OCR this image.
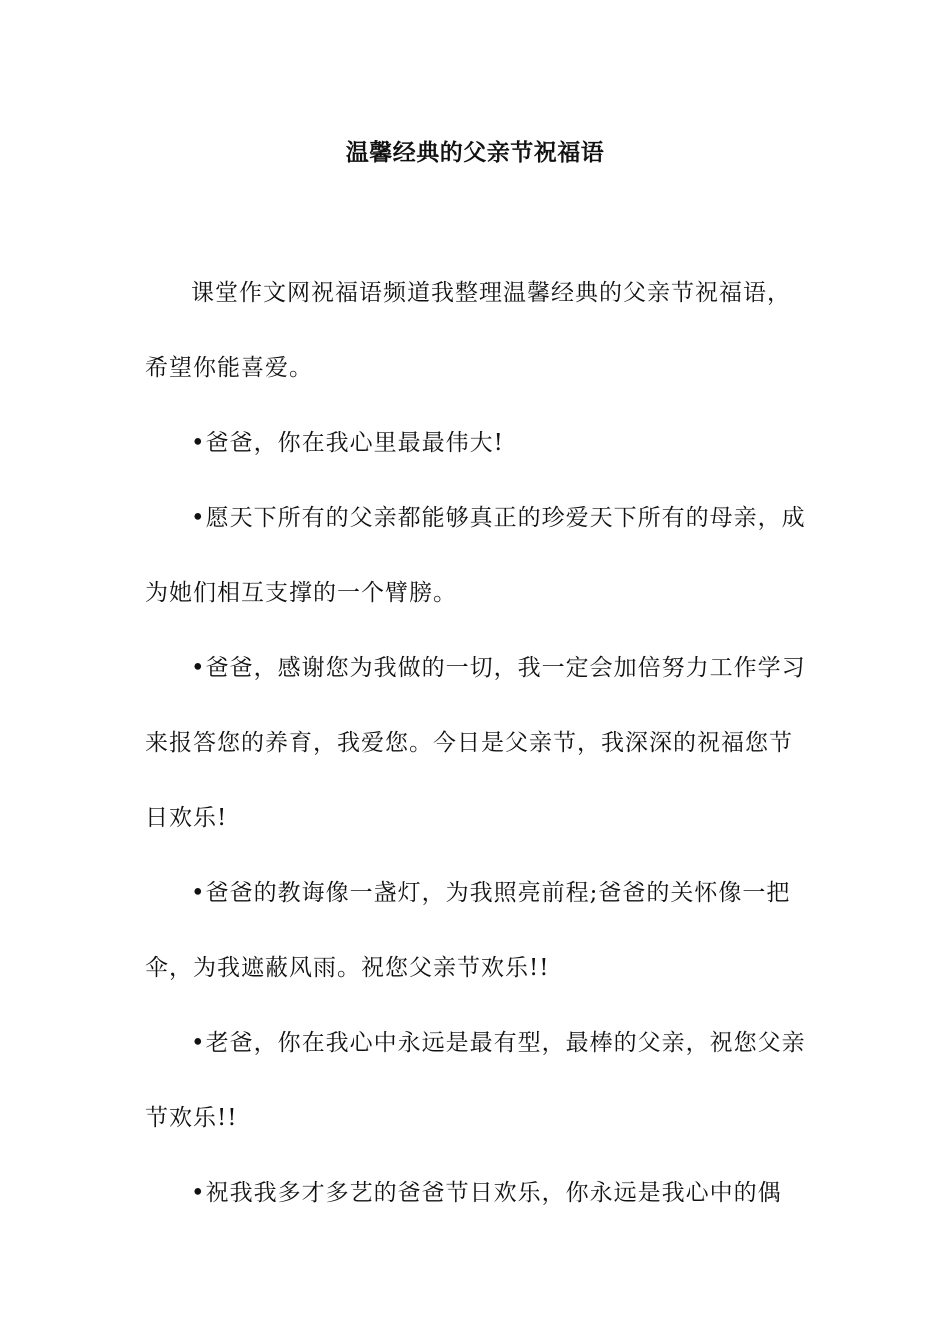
温馨经典的父亲节祝福语

课堂作文网祝福语频道我整理温馨经典的父亲节祝福语，希望你能喜爱。

•爸爸，你在我心里最最伟大!

•愿天下所有的父亲都能够真正的珍爱天下所有的母亲，成为她们相互支撑的一个臂膀。

•爸爸，感谢您为我做的一切，我一定会加倍努力工作学习来报答您的养育，我爱您。今日是父亲节，我深深的祝福您节日欢乐!

•爸爸的教诲像一盏灯，为我照亮前程;爸爸的关怀像一把伞，为我遮蔽风雨。祝您父亲节欢乐!!

•老爸，你在我心中永远是最有型，最棒的父亲，祝您父亲节欢乐!!

•祝我我多才多艺的爸爸节日欢乐，你永远是我心中的偶
